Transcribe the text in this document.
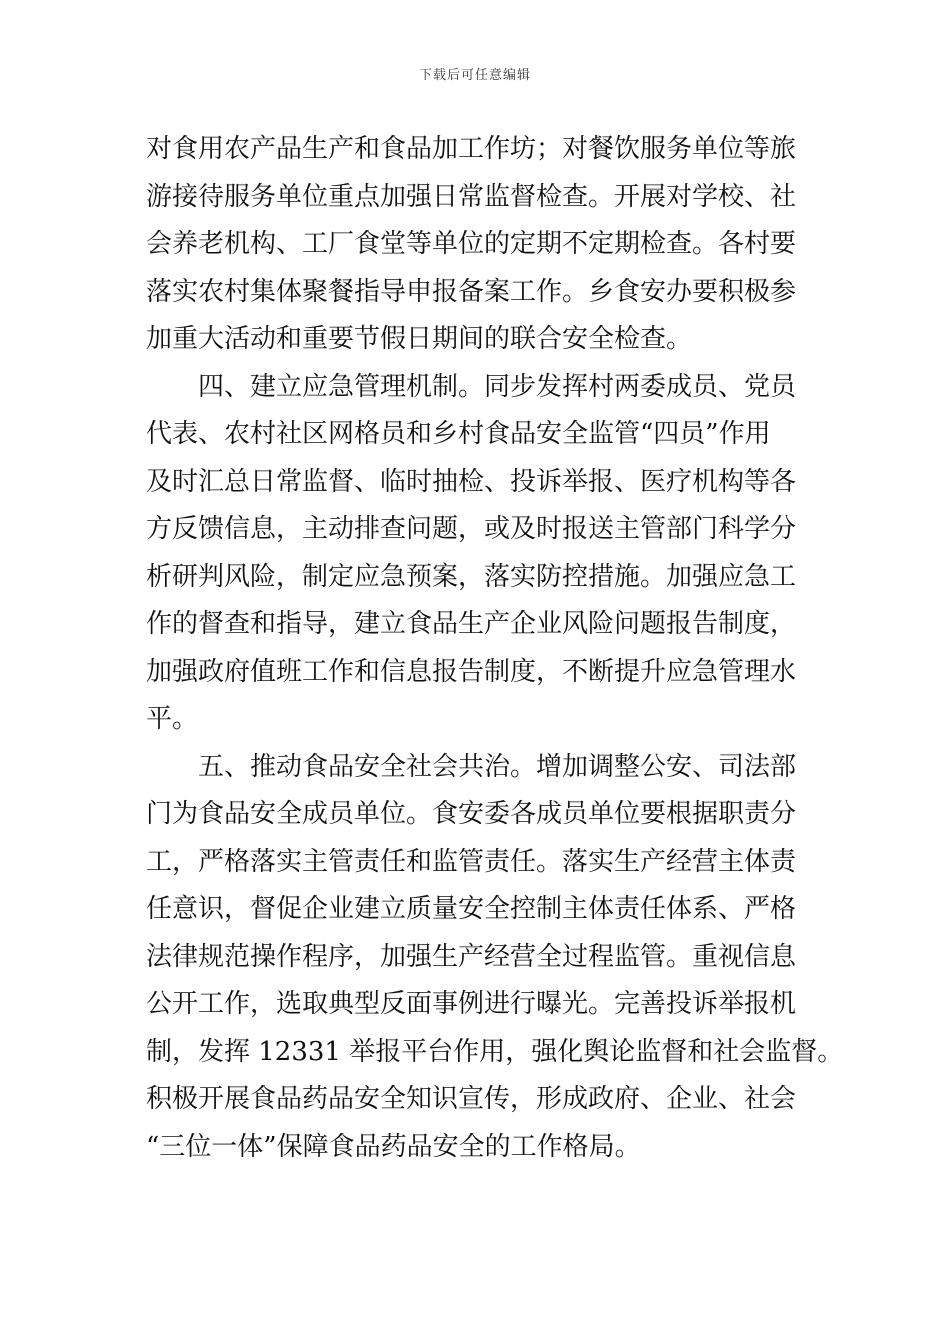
下载后可任意编辑
对食用农产品生产和食品加工作坊；对餐饮服务单位等旅
游接待服务单位重点加强日常监督检查。开展对学校、社
会养老机构、工厂食堂等单位的定期不定期检查。各村要
落实农村集体聚餐指导申报备案工作。乡食安办要积极参
加重大活动和重要节假日期间的联合安全检查。
四、建立应急管理机制。同步发挥村两委成员、党员
代表、农村社区网格员和乡村食品安全监管“四员”作用
及时汇总日常监督、临时抽检、投诉举报、医疗机构等各
方反馈信息，主动排查问题，或及时报送主管部门科学分
析研判风险，制定应急预案，落实防控措施。加强应急工
作的督查和指导，建立食品生产企业风险问题报告制度，
加强政府值班工作和信息报告制度，不断提升应急管理水
平。
五、推动食品安全社会共治。增加调整公安、司法部
门为食品安全成员单位。食安委各成员单位要根据职责分
工，严格落实主管责任和监管责任。落实生产经营主体责
任意识，督促企业建立质量安全控制主体责任体系、严格
法律规范操作程序，加强生产经营全过程监管。重视信息
公开工作，选取典型反面事例进行曝光。完善投诉举报机
制，发挥 12331 举报平台作用，强化舆论监督和社会监督。
积极开展食品药品安全知识宣传，形成政府、企业、社会
“三位一体”保障食品药品安全的工作格局。
